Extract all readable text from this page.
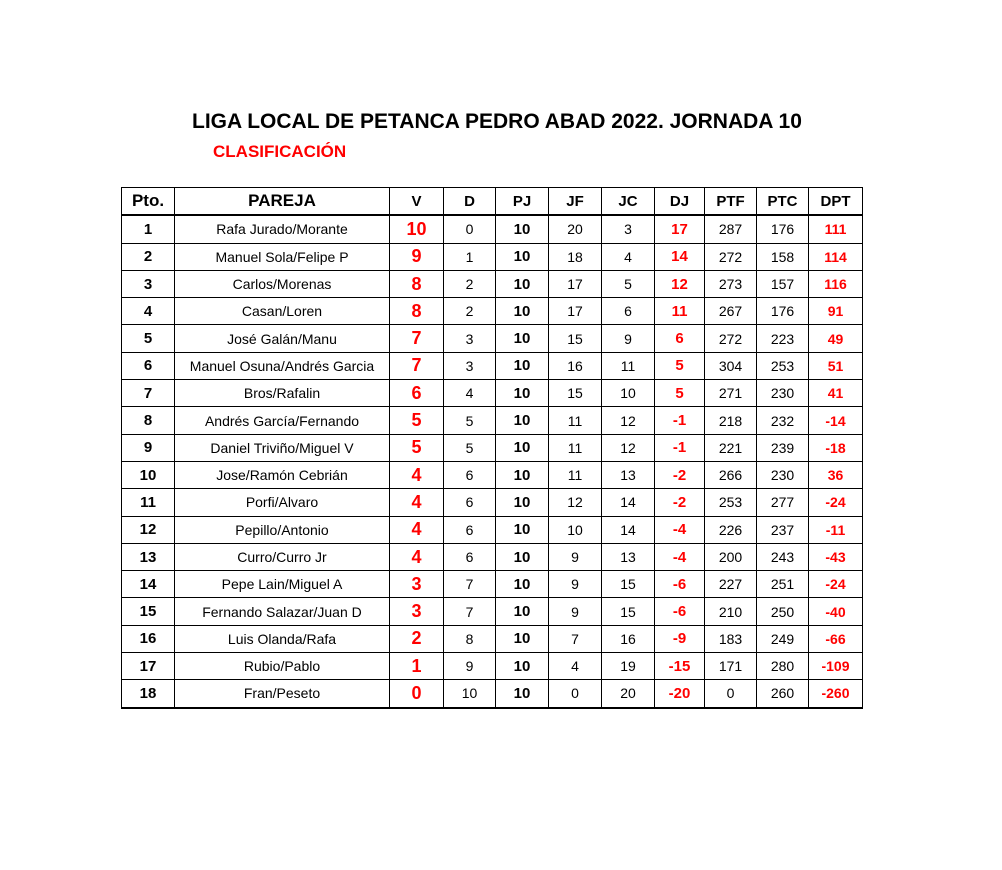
LIGA LOCAL DE PETANCA PEDRO ABAD 2022. JORNADA 10
CLASIFICACIÓN
Pto.	PAREJA	V	D	PJ	JF	JC	DJ	PTF	PTC	DPT
1	Rafa Jurado/Morante	10	0	10	20	3	17	287	176	111
2	Manuel Sola/Felipe P	9	1	10	18	4	14	272	158	114
3	Carlos/Morenas	8	2	10	17	5	12	273	157	116
4	Casan/Loren	8	2	10	17	6	11	267	176	91
5	José Galán/Manu	7	3	10	15	9	6	272	223	49
6	Manuel Osuna/Andrés Garcia	7	3	10	16	11	5	304	253	51
7	Bros/Rafalin	6	4	10	15	10	5	271	230	41
8	Andrés García/Fernando	5	5	10	11	12	-1	218	232	-14
9	Daniel Triviño/Miguel V	5	5	10	11	12	-1	221	239	-18
10	Jose/Ramón Cebrián	4	6	10	11	13	-2	266	230	36
11	Porfi/Alvaro	4	6	10	12	14	-2	253	277	-24
12	Pepillo/Antonio	4	6	10	10	14	-4	226	237	-11
13	Curro/Curro Jr	4	6	10	9	13	-4	200	243	-43
14	Pepe Lain/Miguel A	3	7	10	9	15	-6	227	251	-24
15	Fernando Salazar/Juan D	3	7	10	9	15	-6	210	250	-40
16	Luis Olanda/Rafa	2	8	10	7	16	-9	183	249	-66
17	Rubio/Pablo	1	9	10	4	19	-15	171	280	-109
18	Fran/Peseto	0	10	10	0	20	-20	0	260	-260
